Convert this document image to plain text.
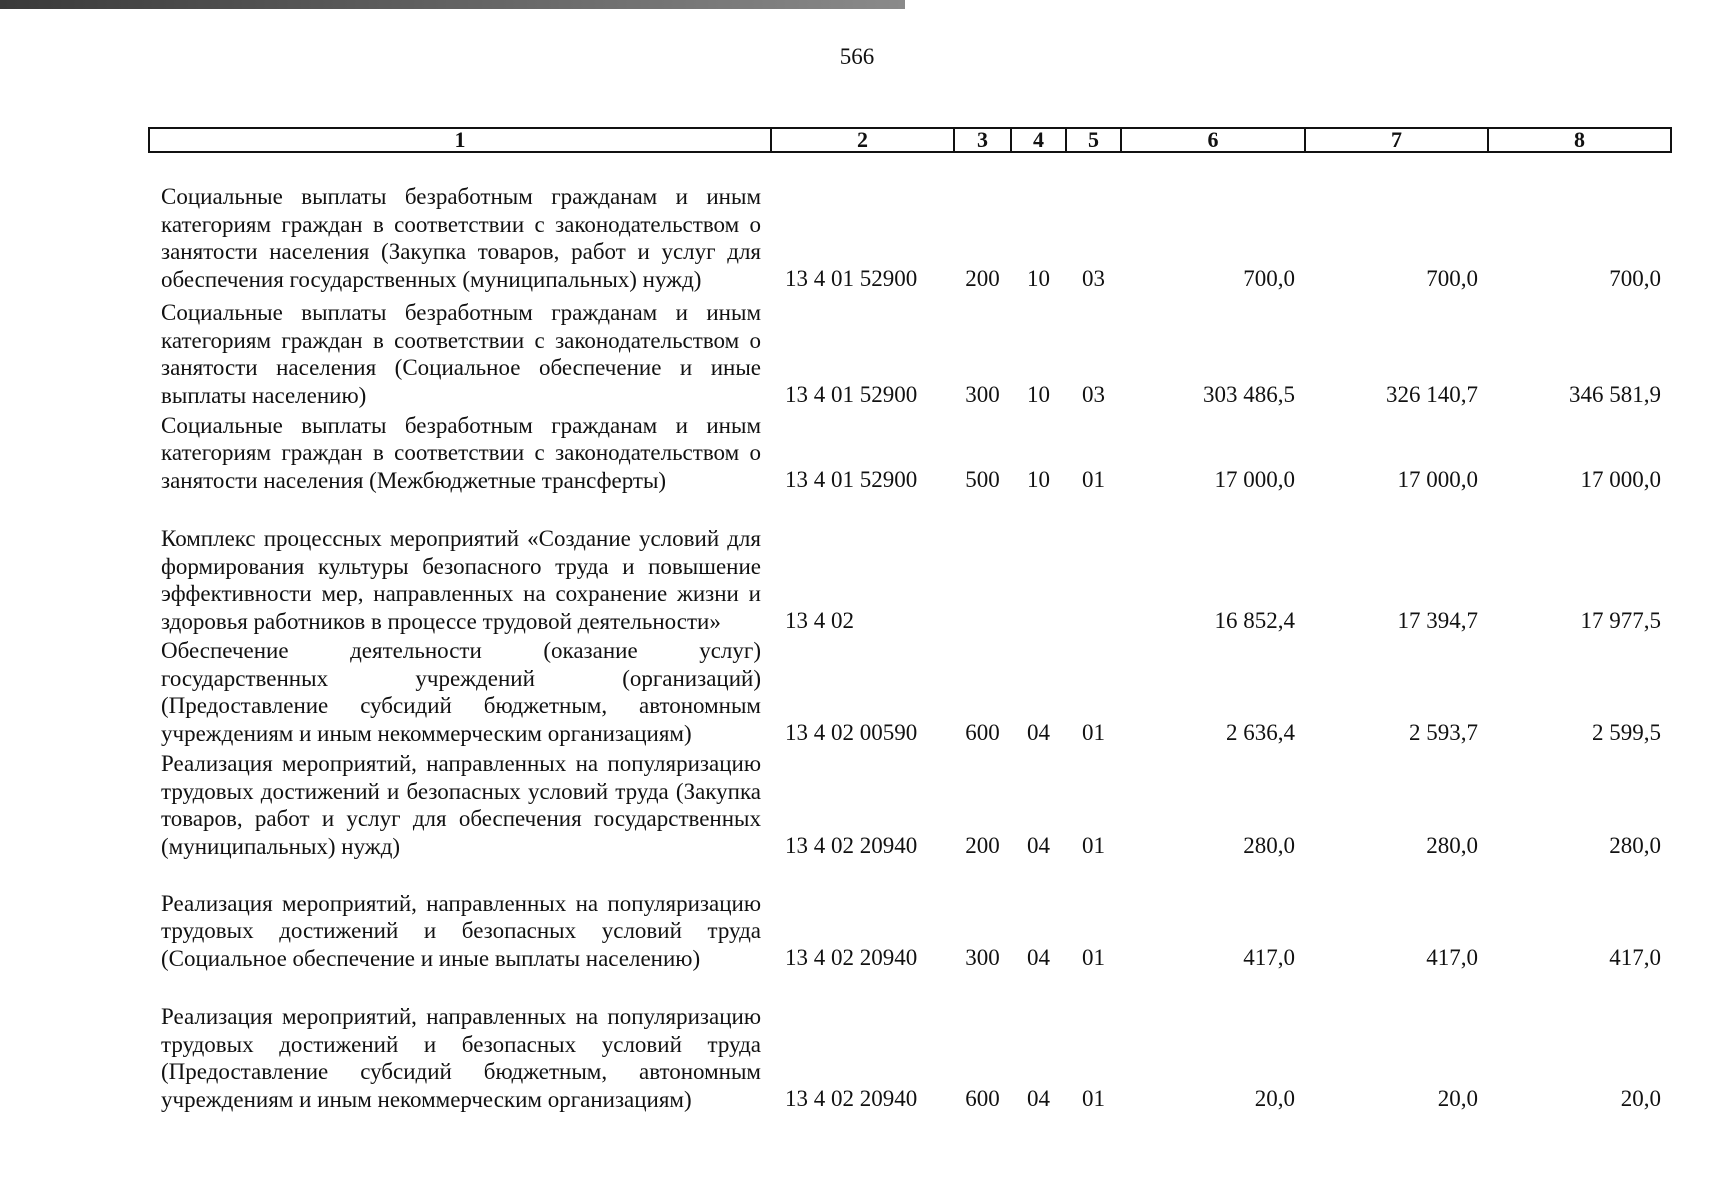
566
1	2	3	4	5	6	7	8
Социальные выплаты безработным гражданам и иным категориям граждан в соответствии с законодательством о занятости населения (Закупка товаров, работ и услуг для обеспечения государственных (муниципальных) нужд)	13 4 01 52900	200	10	03	700,0	700,0	700,0
Социальные выплаты безработным гражданам и иным категориям граждан в соответствии с законодательством о занятости населения (Социальное обеспечение и иные выплаты населению)	13 4 01 52900	300	10	03	303 486,5	326 140,7	346 581,9
Социальные выплаты безработным гражданам и иным категориям граждан в соответствии с законодательством о занятости населения (Межбюджетные трансферты)	13 4 01 52900	500	10	01	17 000,0	17 000,0	17 000,0
Комплекс процессных мероприятий «Создание условий для формирования культуры безопасного труда и повышение эффективности мер, направленных на сохранение жизни и здоровья работников в процессе трудовой деятельности»	13 4 02				16 852,4	17 394,7	17 977,5
Обеспечение деятельности (оказание услуг) государственных учреждений (организаций) (Предоставление субсидий бюджетным, автономным учреждениям и иным некоммерческим организациям)	13 4 02 00590	600	04	01	2 636,4	2 593,7	2 599,5
Реализация мероприятий, направленных на популяризацию трудовых достижений и безопасных условий труда (Закупка товаров, работ и услуг для обеспечения государственных (муниципальных) нужд)	13 4 02 20940	200	04	01	280,0	280,0	280,0
Реализация мероприятий, направленных на популяризацию трудовых достижений и безопасных условий труда (Социальное обеспечение и иные выплаты населению)	13 4 02 20940	300	04	01	417,0	417,0	417,0
Реализация мероприятий, направленных на популяризацию трудовых достижений и безопасных условий труда (Предоставление субсидий бюджетным, автономным учреждениям и иным некоммерческим организациям)	13 4 02 20940	600	04	01	20,0	20,0	20,0
